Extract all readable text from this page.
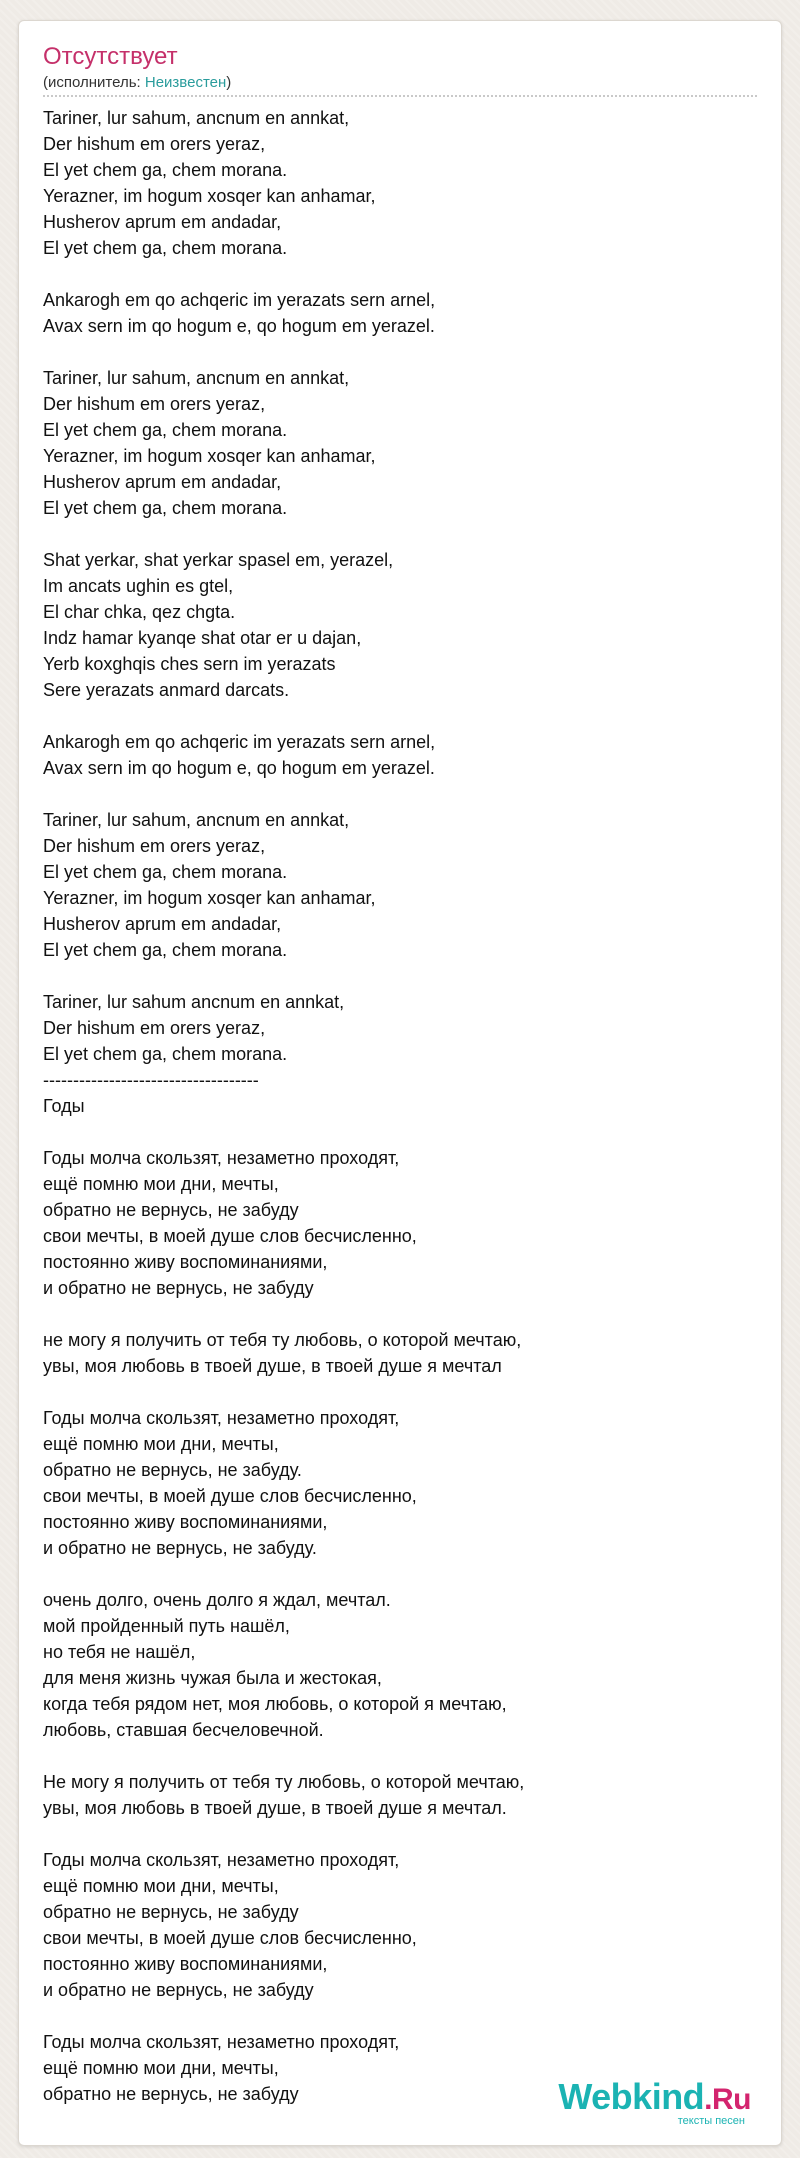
Отсутствует
(исполнитель: Неизвестен)
Tariner, lur sahum, ancnum en annkat,
Der hishum em orers yeraz,
El yet chem ga, chem morana.
Yerazner, im hogum xosqer kan anhamar,
Husherov aprum em andadar,
El yet chem ga, chem morana.
Ankarogh em qo achqeric im yerazats sern arnel,
Avax sern im qo hogum e, qo hogum em yerazel.
Tariner, lur sahum, ancnum en annkat,
Der hishum em orers yeraz,
El yet chem ga, chem morana.
Yerazner, im hogum xosqer kan anhamar,
Husherov aprum em andadar,
El yet chem ga, chem morana.
Shat yerkar, shat yerkar spasel em, yerazel,
Im ancats ughin es gtel,
El char chka, qez chgta.
Indz hamar kyanqe shat otar er u dajan,
Yerb koxghqis ches sern im yerazats
Sere yerazats anmard darcats.
Ankarogh em qo achqeric im yerazats sern arnel,
Avax sern im qo hogum e, qo hogum em yerazel.
Tariner, lur sahum, ancnum en annkat,
Der hishum em orers yeraz,
El yet chem ga, chem morana.
Yerazner, im hogum xosqer kan anhamar,
Husherov aprum em andadar,
El yet chem ga, chem morana.
Tariner, lur sahum ancnum en annkat,
Der hishum em orers yeraz,
El yet chem ga, chem morana.
------------------------------------
Годы
Годы молча скользят, незаметно проходят,
ещё помню мои дни, мечты,
обратно не вернусь, не забуду
свои мечты, в моей душе слов бесчисленно,
постоянно живу воспоминаниями,
и обратно не вернусь, не забуду
не могу я получить от тебя ту любовь, о которой мечтаю,
увы, моя любовь в твоей душе, в твоей душе я мечтал
Годы молча скользят, незаметно проходят,
ещё помню мои дни, мечты,
обратно не вернусь, не забуду.
свои мечты, в моей душе слов бесчисленно,
постоянно живу воспоминаниями,
и обратно не вернусь, не забуду.
очень долго, очень долго я ждал, мечтал.
мой пройденный путь нашёл,
но тебя не нашёл,
для меня жизнь чужая была и жестокая,
когда тебя рядом нет, моя любовь, о которой я мечтаю,
любовь, ставшая бесчеловечной.
Не могу я получить от тебя ту любовь, о которой мечтаю,
увы, моя любовь в твоей душе, в твоей душе я мечтал.
Годы молча скользят, незаметно проходят,
ещё помню мои дни, мечты,
обратно не вернусь, не забуду
свои мечты, в моей душе слов бесчисленно,
постоянно живу воспоминаниями,
и обратно не вернусь, не забуду
Годы молча скользят, незаметно проходят,
ещё помню мои дни, мечты,
обратно не вернусь, не забуду	Webkind.Ru
тексты песен
